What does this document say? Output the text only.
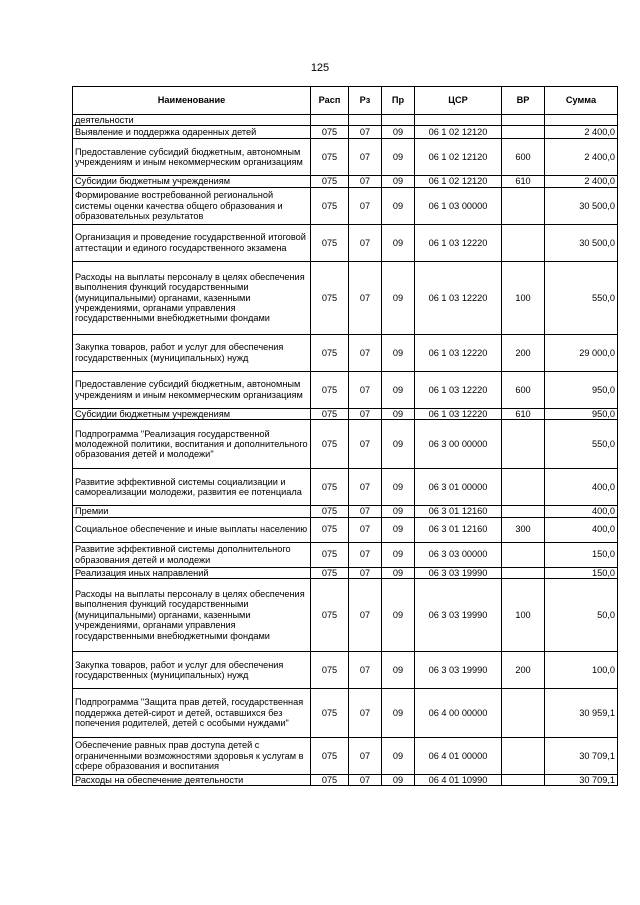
125
Наименование	Расп	Рз	Пр	ЦСР	ВР	Сумма
деятельности						
Выявление и поддержка одаренных детей	075	07	09	06 1 02 12120		2 400,0
Предоставление субсидий бюджетным, автономным учреждениям и иным некоммерческим организациям	075	07	09	06 1 02 12120	600	2 400,0
Субсидии бюджетным учреждениям	075	07	09	06 1 02 12120	610	2 400,0
Формирование востребованной региональной системы оценки качества общего образования и образовательных результатов	075	07	09	06 1 03 00000		30 500,0
Организация и проведение государственной итоговой аттестации и единого государственного экзамена	075	07	09	06 1 03 12220		30 500,0
Расходы на выплаты персоналу в целях обеспечения выполнения функций государственными (муниципальными) органами, казенными учреждениями, органами управления государственными внебюджетными фондами	075	07	09	06 1 03 12220	100	550,0
Закупка товаров, работ и услуг для обеспечения государственных (муниципальных) нужд	075	07	09	06 1 03 12220	200	29 000,0
Предоставление субсидий бюджетным, автономным учреждениям и иным некоммерческим организациям	075	07	09	06 1 03 12220	600	950,0
Субсидии бюджетным учреждениям	075	07	09	06 1 03 12220	610	950,0
Подпрограмма "Реализация государственной молодежной политики, воспитания и дополнительного образования детей и молодежи"	075	07	09	06 3 00 00000		550,0
Развитие эффективной системы социализации и самореализации молодежи, развития ее потенциала	075	07	09	06 3 01 00000		400,0
Премии	075	07	09	06 3 01 12160		400,0
Социальное обеспечение и иные выплаты населению	075	07	09	06 3 01 12160	300	400,0
Развитие эффективной системы дополнительного образования детей и молодежи	075	07	09	06 3 03 00000		150,0
Реализация иных направлений	075	07	09	06 3 03 19990		150,0
Расходы на выплаты персоналу в целях обеспечения выполнения функций государственными (муниципальными) органами, казенными учреждениями, органами управления государственными внебюджетными фондами	075	07	09	06 3 03 19990	100	50,0
Закупка товаров, работ и услуг для обеспечения государственных (муниципальных) нужд	075	07	09	06 3 03 19990	200	100,0
Подпрограмма "Защита прав детей, государственная поддержка детей-сирот и детей, оставшихся без попечения родителей, детей с особыми нуждами"	075	07	09	06 4 00 00000		30 959,1
Обеспечение равных прав доступа детей с ограниченными возможностями здоровья к услугам в сфере образования и воспитания	075	07	09	06 4 01 00000		30 709,1
Расходы на обеспечение деятельности	075	07	09	06 4 01 10990		30 709,1
